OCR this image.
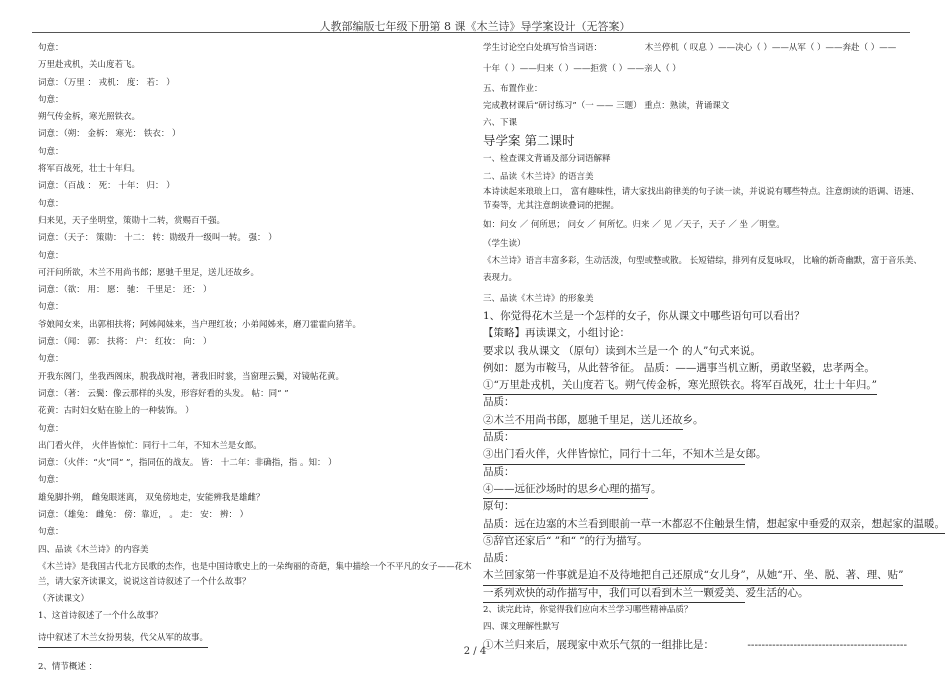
人教部编版七年级下册第 8 课《木兰诗》导学案设计（无答案）
句意：
万里赴戎机，关山度若飞。
词意：（万里 ： 戎机： 度： 若： ）
句意：
朔气传金柝，寒光照铁衣。
词意：（朔： 金柝： 寒光： 铁衣： ）
句意：
将军百战死，壮士十年归。
词意：（百战 ： 死： 十年： 归： ）
句意：
归来见，天子坐明堂，策勋十二转，赏赐百千强。
词意：（天子： 策勋： 十二： 转：勋级升一级叫一转。 强： ）
句意：
可汗问所欲，木兰不用尚书郎；愿驰千里足，送儿还故乡。
词意：（欲： 用： 愿： 驰： 千里足： 还： ）
句意：
爷娘闻女来，出郭相扶将；阿姊闻妹来，当户理红妆；小弟闻姊来，磨刀霍霍向猪羊。
词意：（闻： 郭： 扶将： 户： 红妆： 向： ）
句意：
开我东阁门，坐我西阁床，脱我战时袍，著我旧时裳，当窗理云鬓，对镜帖花黄。
词意：（著： 云鬓：像云那样的头发，形容好看的头发。 帖：同“ ”
花黄：古时妇女贴在脸上的一种装饰。 ）
句意：
出门看火伴， 火伴皆惊忙：同行十二年，不知木兰是女郎。
词意：（火伴：“火”同“ ”，指同伍的战友。 皆： 十二年：非确指，指 。知： ）
句意：
雄兔脚扑朔， 雌兔眼迷离， 双兔傍地走，安能辨我是雄雌？
词意：（雄兔： 雌兔： 傍：靠近， 。 走： 安： 辨： ）
句意：
四、品读《木兰诗》的内容美
《木兰诗》是我国古代北方民歌的杰作，也是中国诗歌史上的一朵绚丽的奇葩，集中描绘一个不平凡的女子——花木
兰，请大家齐读课文，说说这首诗叙述了一个什么故事？
（齐读课文）
1、这首诗叙述了一个什么故事？
诗中叙述了木兰女扮男装，代父从军的故事。
2、情节概述 ：
学生讨论空白处填写恰当词语：	木兰停机（ 叹息 ）——决心（ ）——从军（ ）——奔赴（ ）——
十年（ ）——归来（ ）——拒赏（ ）——亲人（ ）
五、布置作业：
完成教材课后“研讨练习”（一 —— 三题） 重点：熟读，背诵课文
六、下课
导学案 第二课时
一、检查课文背诵及部分词语解释
二、品读《木兰诗》的语言美
本诗读起来琅琅上口， 富有趣味性，请大家找出韵律美的句子读一读，并说说有哪些特点。注意朗读的语调、语速、
节奏等，尤其注意朗读叠词的把握。
如：问女 ／ 何所思； 问女 ／ 何所忆。归来 ／ 见 ／天子，天子 ／ 坐 ／明堂。
（学生读）
《木兰诗》语言丰富多彩，生动活泼，句型或整或散。 长短错综，排列有反复咏叹， 比喻的新奇幽默，富于音乐美、
表现力。
三、品读《木兰诗》的形象美
1、你觉得花木兰是一个怎样的女子，你从课文中哪些语句可以看出？
【策略】再读课文，小组讨论：
要求以 我从课文 （原句）读到木兰是一个 的人”句式来说。
例如：愿为市鞍马，从此替爷征。 品质：——遇事当机立断，勇敢坚毅，忠孝两全。
①“万里赴戎机，关山度若飞。朔气传金柝，寒光照铁衣。将军百战死，壮士十年归。”
品质：
②木兰不用尚书郎，愿驰千里足，送儿还故乡。
品质：
③出门看火伴，火伴皆惊忙，同行十二年，不知木兰是女郎。
品质：
④——远征沙场时的思乡心理的描写。
原句：
品质：远在边塞的木兰看到眼前一草一木都忍不住触景生情，想起家中垂爱的双亲，想起家的温暖。
⑤辞官还家后“ ”和“ ”的行为描写。
品质：
木兰回家第一件事就是迫不及待地把自己还原成“女儿身”，从她“开、坐、脱、著、理、贴”
一系列欢快的动作描写中，我们可以看到木兰一颗爱美、爱生活的心。
2、读完此诗，你觉得我们应向木兰学习哪些精神品质？
四、课文理解性默写
①木兰归来后，展现家中欢乐气氛的一组排比是：	---------------------------------------------
2 / 4
